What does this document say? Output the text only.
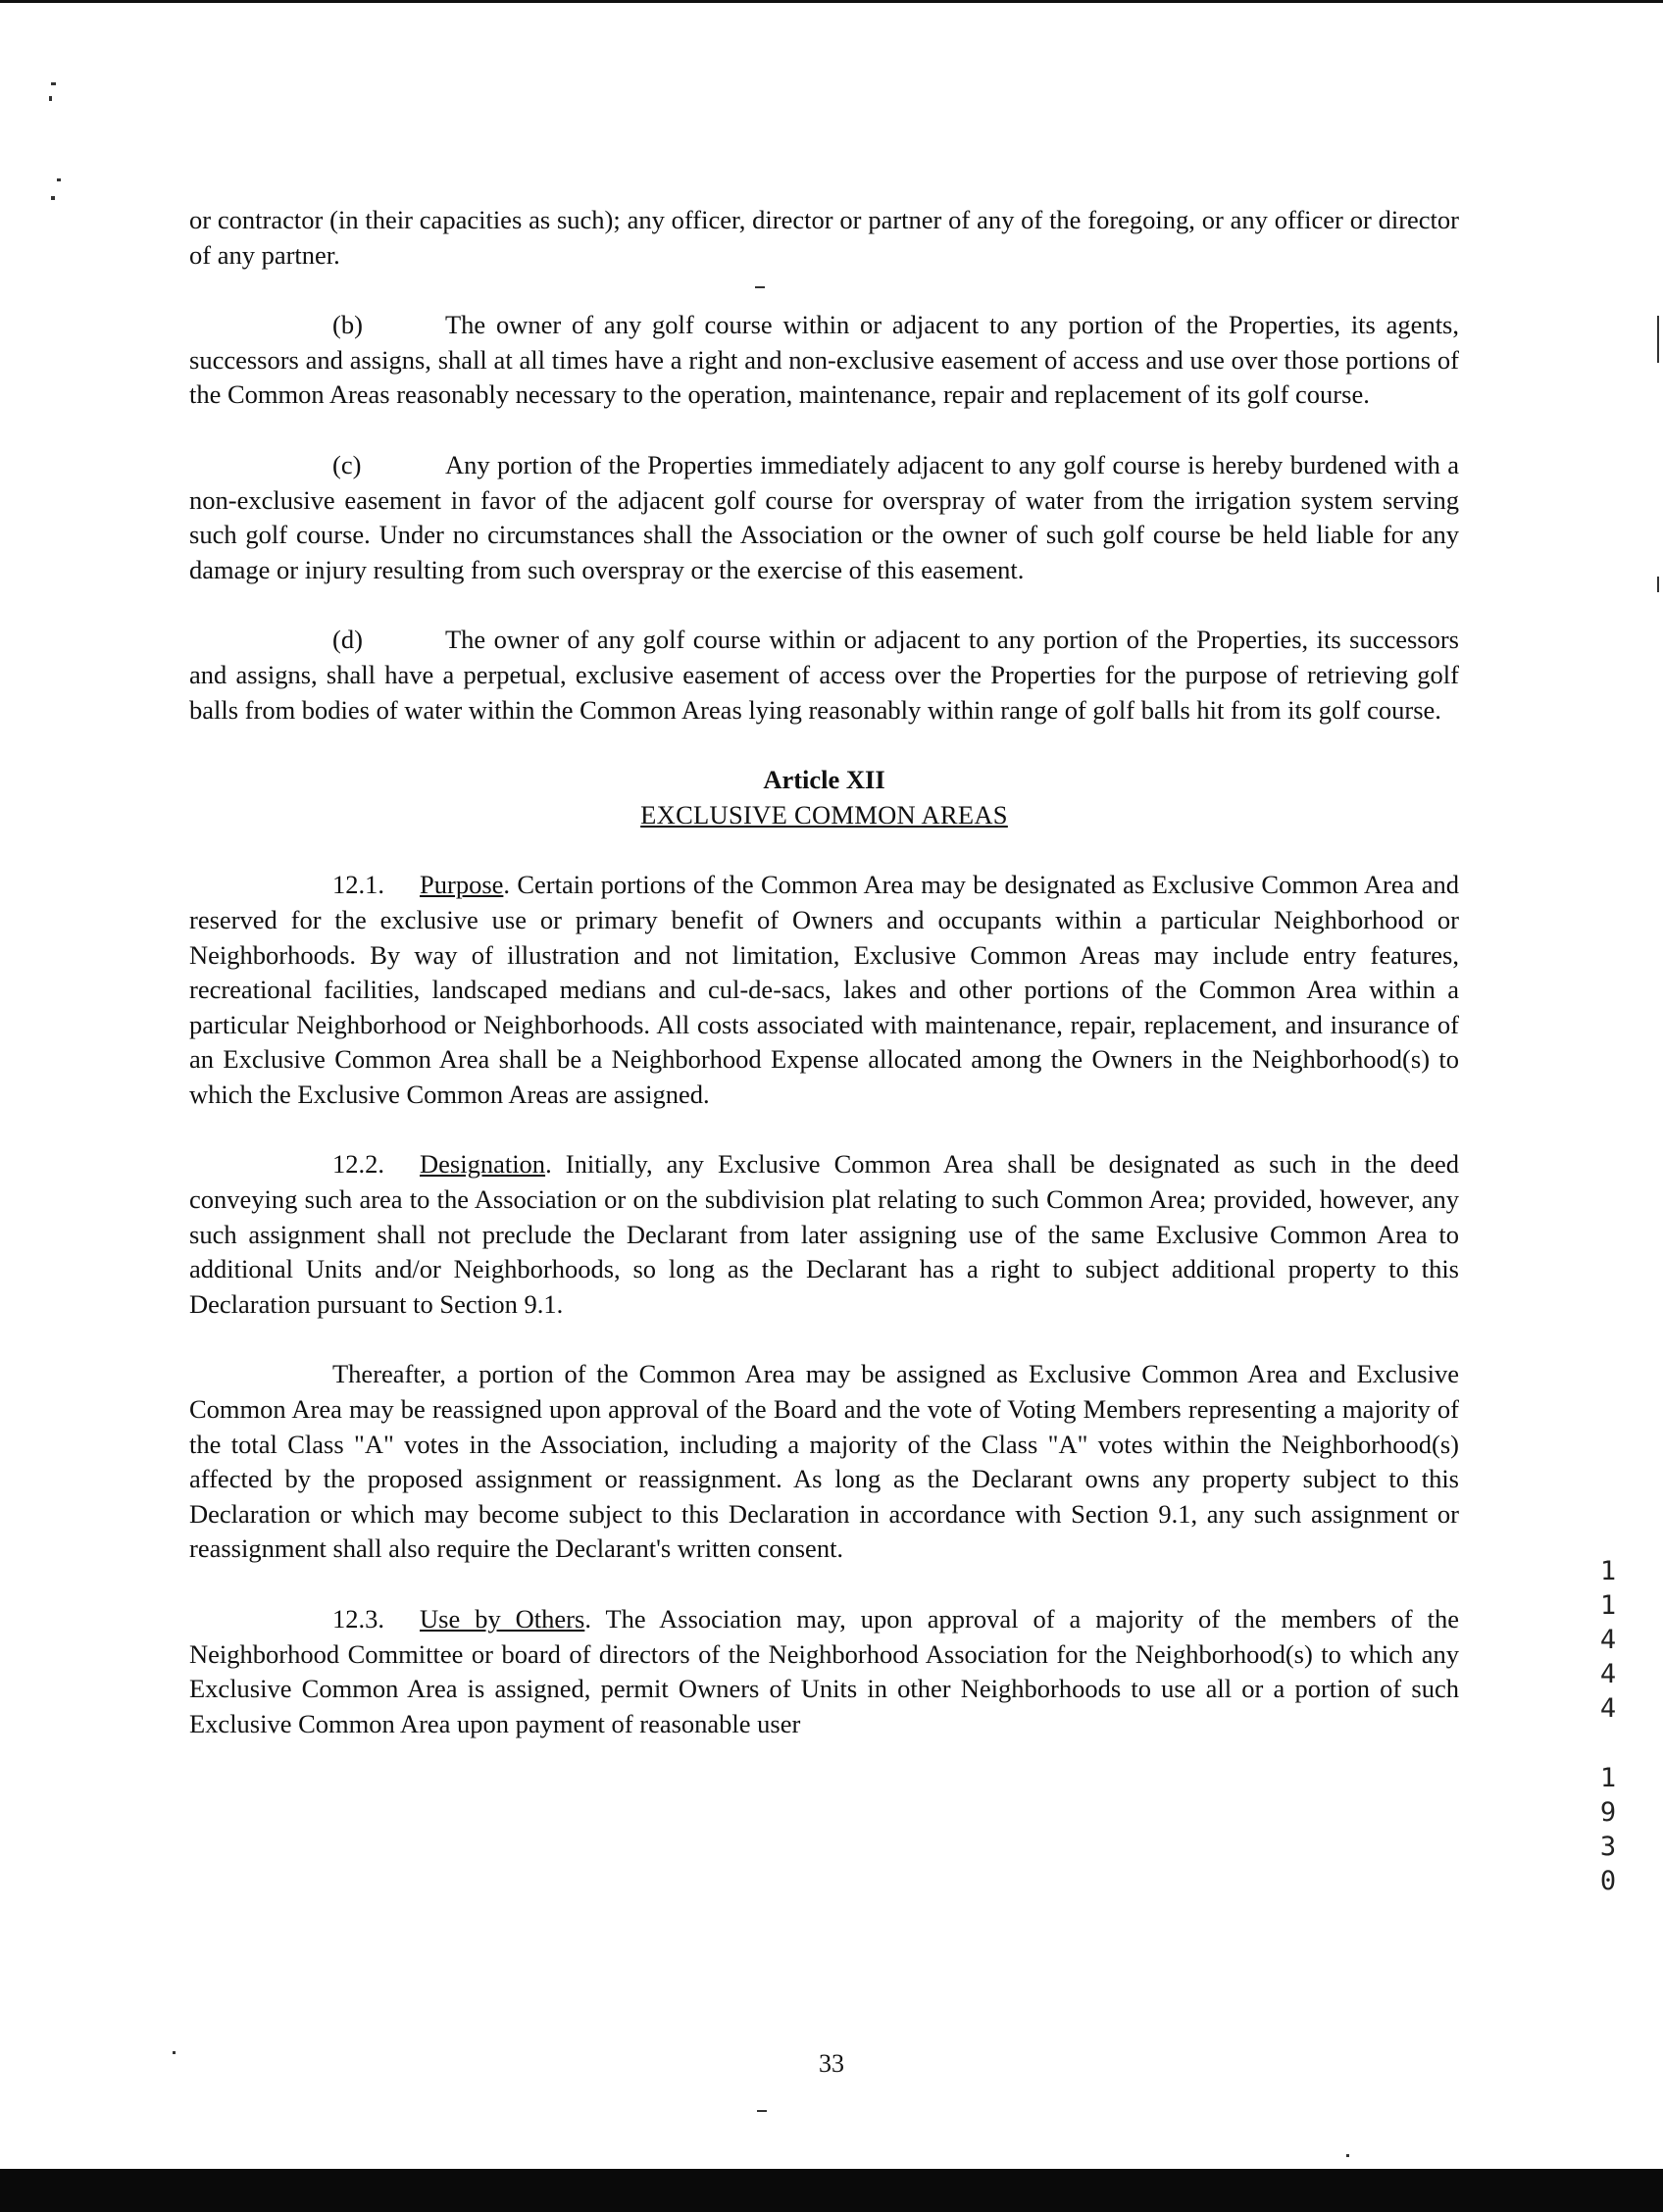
or contractor (in their capacities as such); any officer, director or partner of any of the foregoing, or any officer or director of any partner.

(b)	The owner of any golf course within or adjacent to any portion of the Properties, its agents, successors and assigns, shall at all times have a right and non-exclusive easement of access and use over those portions of the Common Areas reasonably necessary to the operation, maintenance, repair and replacement of its golf course.

(c)	Any portion of the Properties immediately adjacent to any golf course is hereby burdened with a non-exclusive easement in favor of the adjacent golf course for overspray of water from the irrigation system serving such golf course. Under no circumstances shall the Association or the owner of such golf course be held liable for any damage or injury resulting from such overspray or the exercise of this easement.

(d)	The owner of any golf course within or adjacent to any portion of the Properties, its successors and assigns, shall have a perpetual, exclusive easement of access over the Properties for the purpose of retrieving golf balls from bodies of water within the Common Areas lying reasonably within range of golf balls hit from its golf course.

Article XII
EXCLUSIVE COMMON AREAS

12.1. Purpose. Certain portions of the Common Area may be designated as Exclusive Common Area and reserved for the exclusive use or primary benefit of Owners and occupants within a particular Neighborhood or Neighborhoods. By way of illustration and not limitation, Exclusive Common Areas may include entry features, recreational facilities, landscaped medians and cul-de-sacs, lakes and other portions of the Common Area within a particular Neighborhood or Neighborhoods. All costs associated with maintenance, repair, replacement, and insurance of an Exclusive Common Area shall be a Neighborhood Expense allocated among the Owners in the Neighborhood(s) to which the Exclusive Common Areas are assigned.

12.2. Designation. Initially, any Exclusive Common Area shall be designated as such in the deed conveying such area to the Association or on the subdivision plat relating to such Common Area; provided, however, any such assignment shall not preclude the Declarant from later assigning use of the same Exclusive Common Area to additional Units and/or Neighborhoods, so long as the Declarant has a right to subject additional property to this Declaration pursuant to Section 9.1.

Thereafter, a portion of the Common Area may be assigned as Exclusive Common Area and Exclusive Common Area may be reassigned upon approval of the Board and the vote of Voting Members representing a majority of the total Class "A" votes in the Association, including a majority of the Class "A" votes within the Neighborhood(s) affected by the proposed assignment or reassignment. As long as the Declarant owns any property subject to this Declaration or which may become subject to this Declaration in accordance with Section 9.1, any such assignment or reassignment shall also require the Declarant's written consent.

12.3. Use by Others. The Association may, upon approval of a majority of the members of the Neighborhood Committee or board of directors of the Neighborhood Association for the Neighborhood(s) to which any Exclusive Common Area is assigned, permit Owners of Units in other Neighborhoods to use all or a portion of such Exclusive Common Area upon payment of reasonable user

33
1
1
4
4
4
1
9
3
0
